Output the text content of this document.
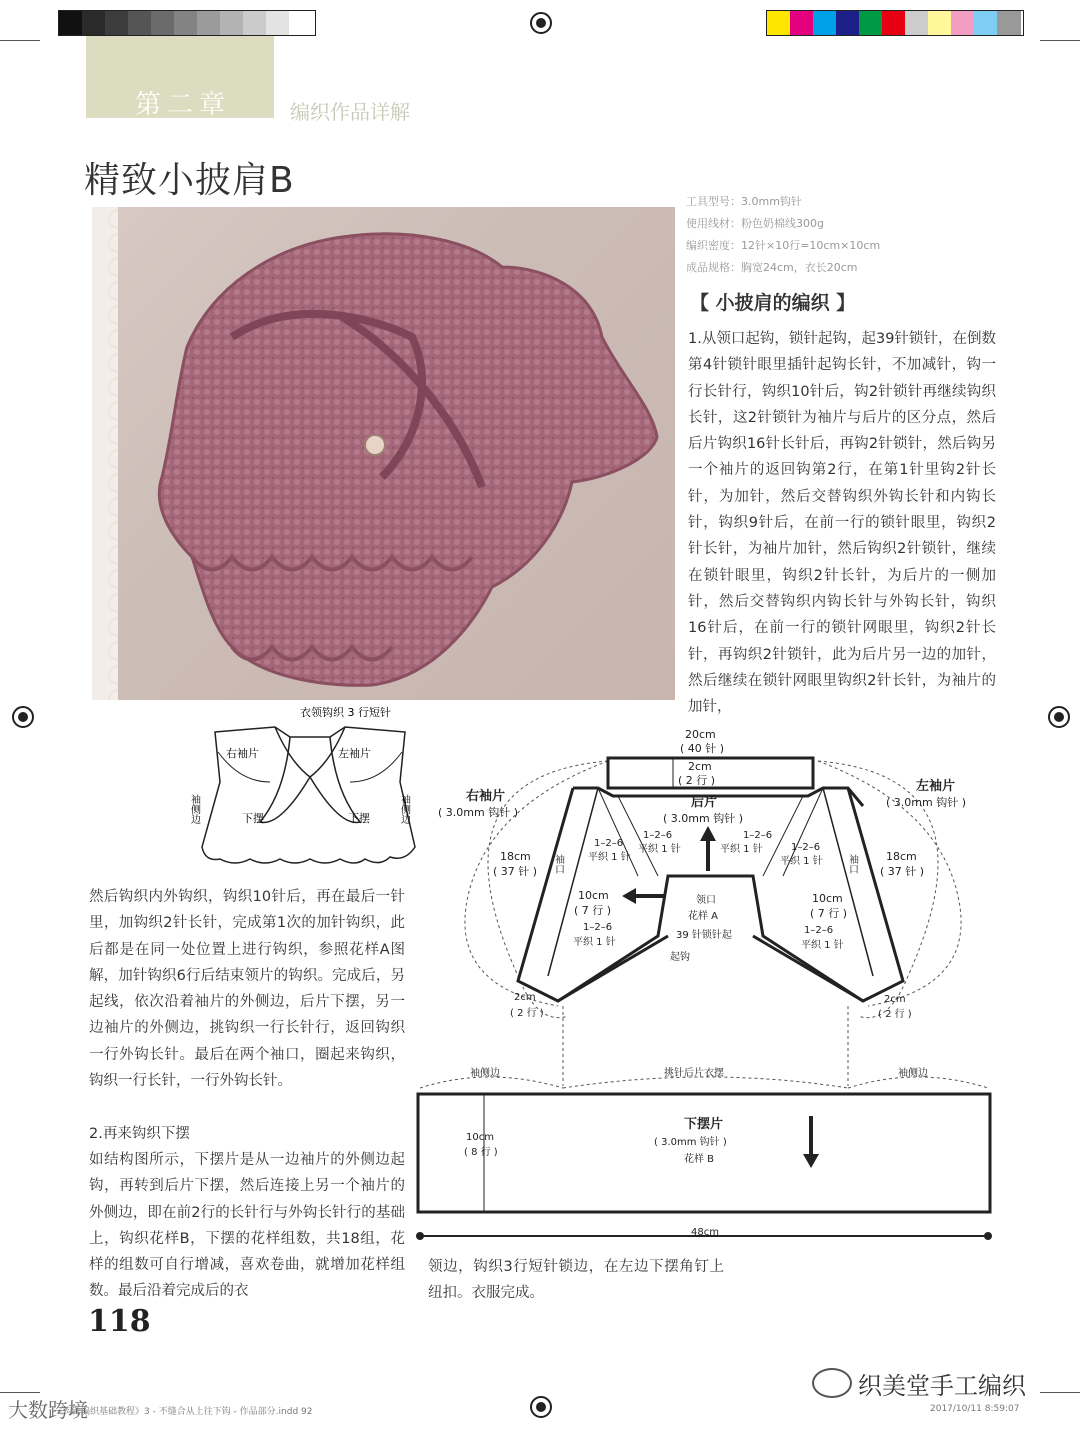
第二章	编织作品详解
精致小披肩B
工具型号：3.0mm钩针
使用线材：粉色奶棉线300g
编织密度：12针×10行=10cm×10cm
成品规格：胸宽24cm，衣长20cm
【 小披肩的编织 】
1.从领口起钩，锁针起钩，起39针锁针，在倒数第4针锁针眼里插针起钩长针，不加减针，钩一行长针行，钩织10针后，钩2针锁针再继续钩织长针，这2针锁针为袖片与后片的区分点，然后后片钩织16针长针后，再钩2针锁针，然后钩另一个袖片的返回钩第2行，在第1针里钩2针长针，为加针，然后交替钩织外钩长针和内钩长针，钩织9针后，在前一行的锁针眼里，钩织2针长针，为袖片加针，然后钩织2针锁针，继续在锁针眼里，钩织2针长针，为后片的一侧加针，然后交替钩织内钩长针与外钩长针，钩织16针后，在前一行的锁针网眼里，钩织2针长针，再钩织2针锁针，此为后片另一边的加针，然后继续在锁针网眼里钩织2针长针，为袖片的加针，
衣领钩织 3 行短针
右袖片	左袖片
下摆	下摆
袖侧边	袖侧边
然后钩织内外钩织，钩织10针后，再在最后一针里，加钩织2针长针，完成第1次的加针钩织，此后都是在同一处位置上进行钩织，参照花样A图解，加针钩织6行后结束领片的钩织。完成后，另起线，依次沿着袖片的外侧边，后片下摆，另一边袖片的外侧边，挑钩织一行长针行，返回钩织一行外钩长针。最后在两个袖口，圈起来钩织，钩织一行长针，一行外钩长针。
2.再来钩织下摆
如结构图所示，下摆片是从一边袖片的外侧边起钩，再转到后片下摆，然后连接上另一个袖片的外侧边，即在前2行的长针行与外钩长针行的基础上，钩织花样B，下摆的花样组数，共18组，花样的组数可自行增减，喜欢卷曲，就增加花样组数。最后沿着完成后的衣
领边，钩织3行短针锁边，在左边下摆角钉上纽扣。衣服完成。
20cm
( 40 针 )
2cm
( 2 行 )
后片
( 3.0mm 钩针 )
右袖片
( 3.0mm 钩针 )
左袖片
( 3.0mm 钩针 )
18cm
( 37 针 )
18cm
( 37 针 )
袖口	袖口
1–2–6
平织 1 针
1–2–6
平织 1 针
1–2–6
平织 1 针	1–2–6
平织 1 针
10cm
( 7 行 )
1–2–6
平织 1 针
10cm
( 7 行 )
1–2–6
平织 1 针
领口
花样 A
39 针锁针起
起钩
2cm
( 2 行 )
2cm
( 2 行 )
袖侧边	挑针后片衣摆	袖侧边
下摆片
( 3.0mm 钩针 )
花样 B
10cm
( 8 行 )
48cm
118
《钩针编织基础教程》3 - 不缝合从上往下钩 - 作品部分.indd 92	2017/10/11 8:59:07
织美堂手工编织
大数跨境
